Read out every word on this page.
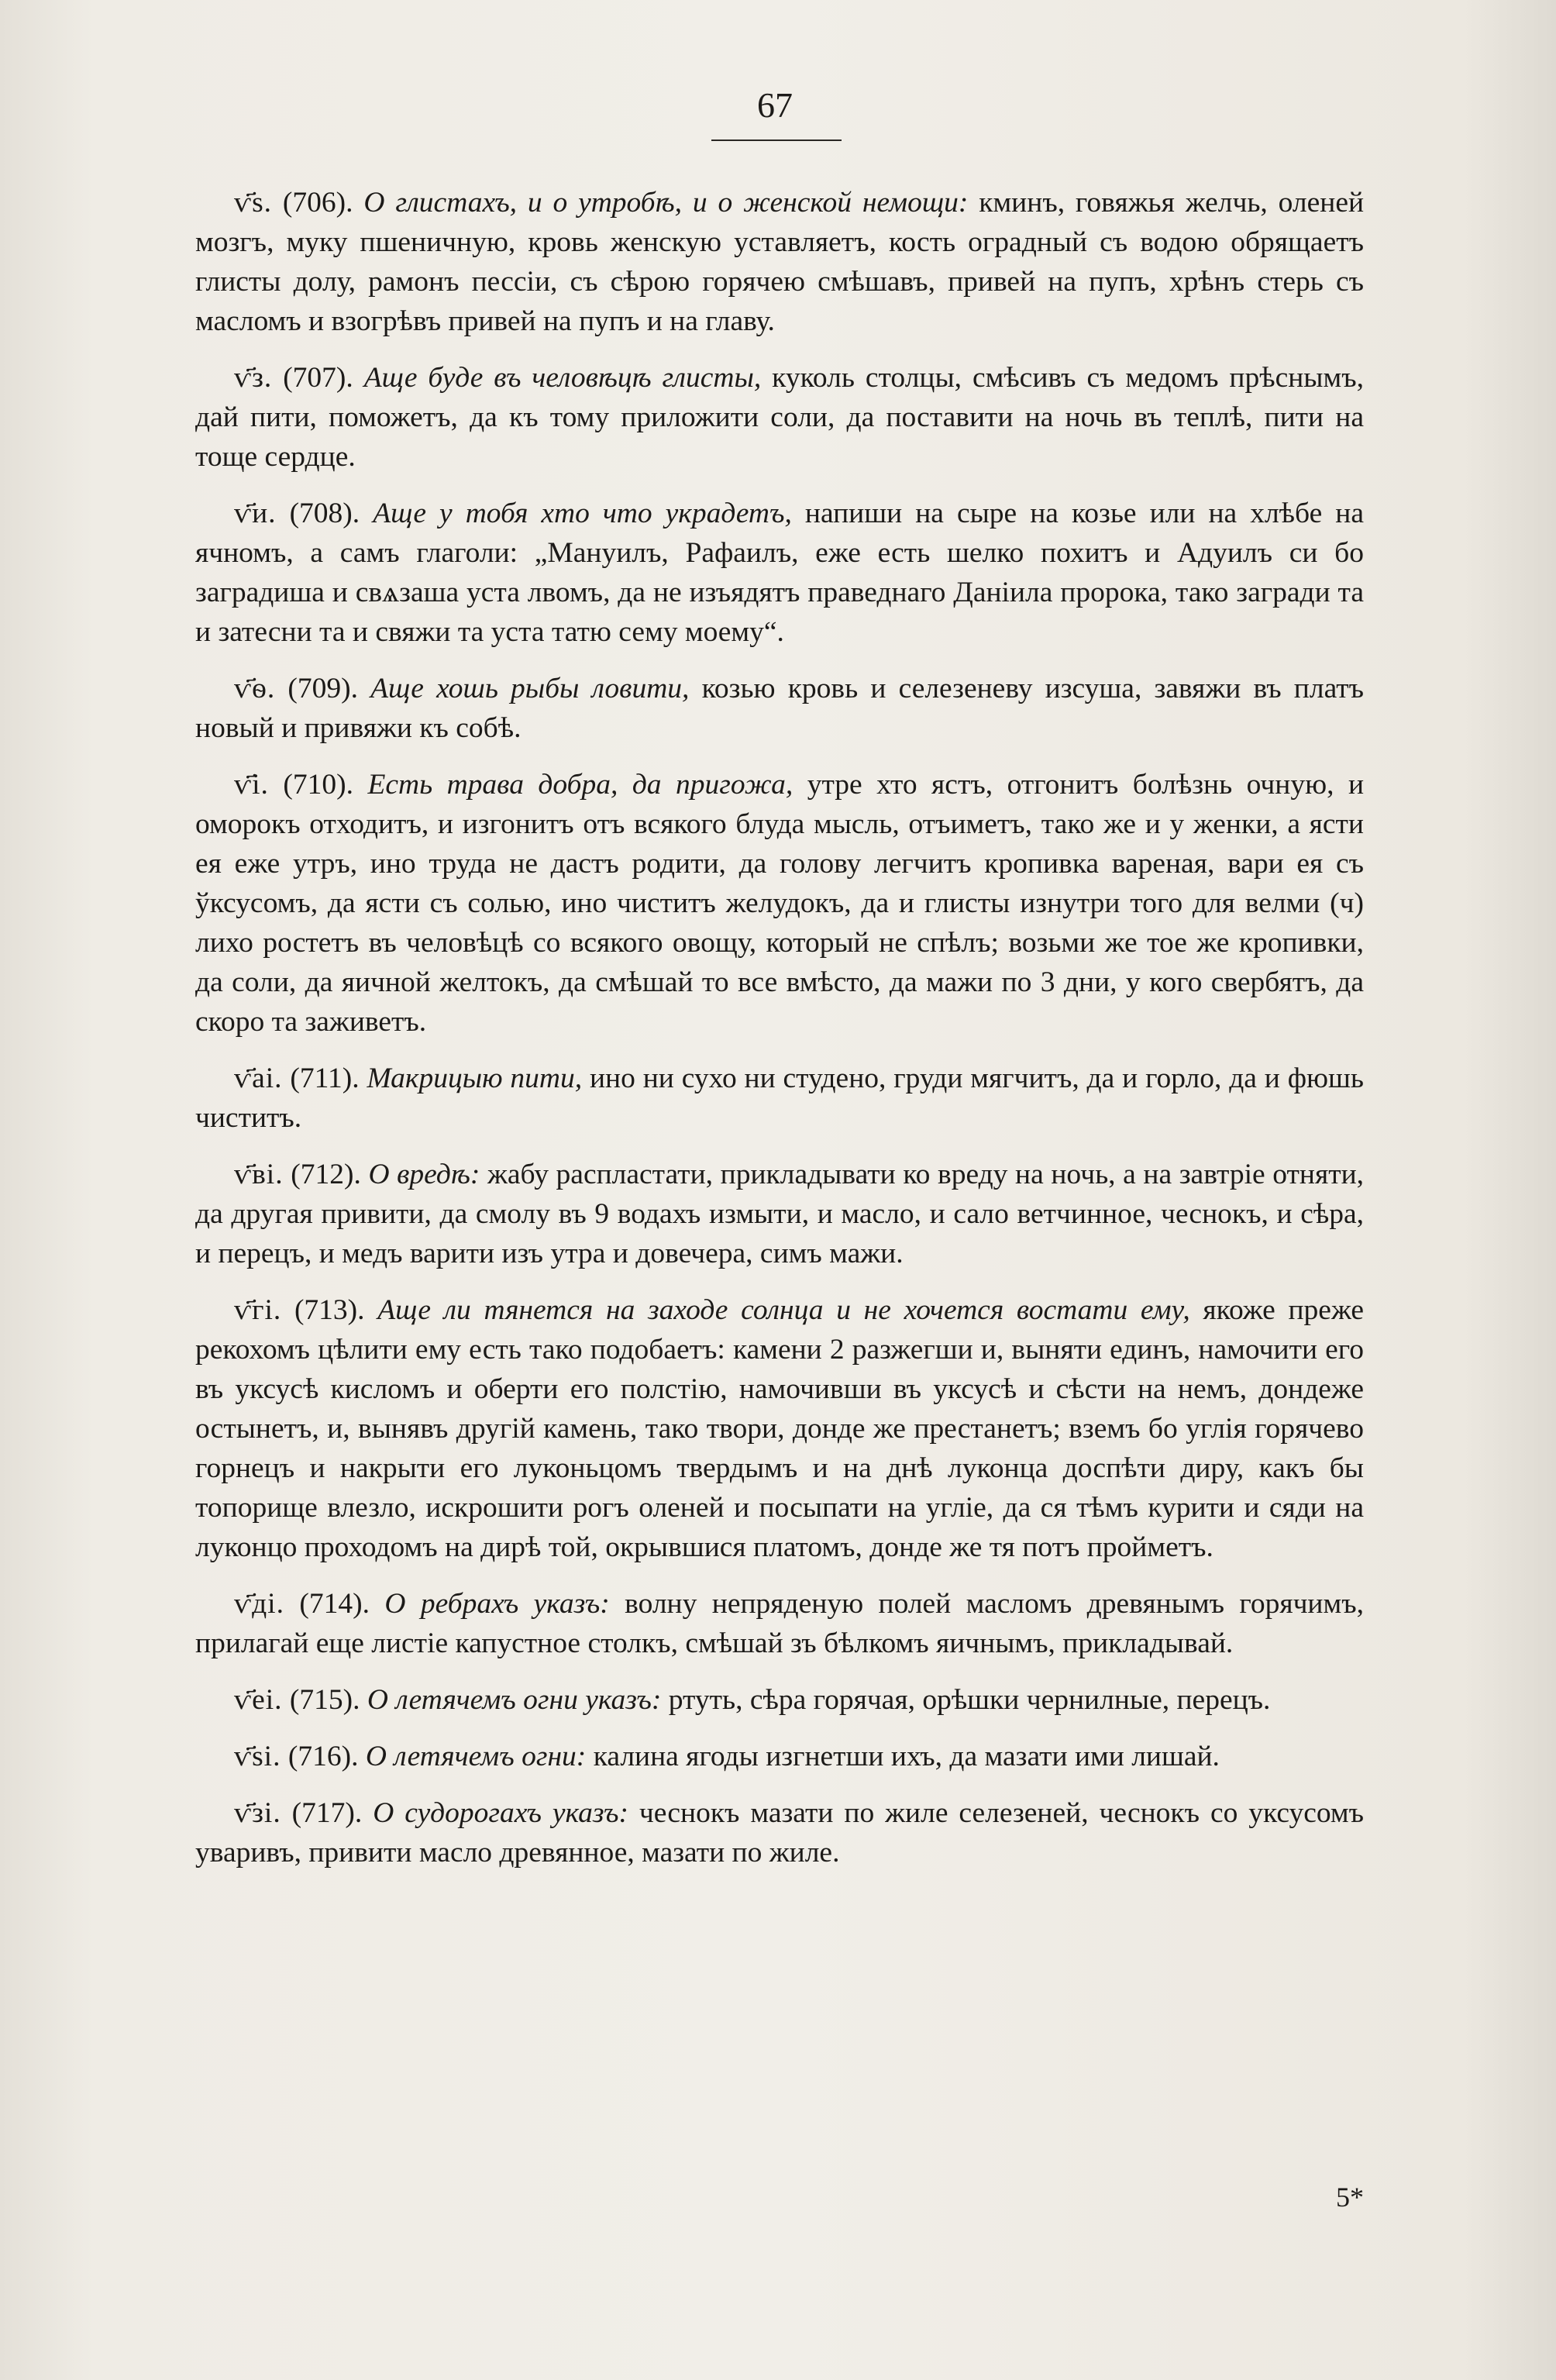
67

ѵ҃ѕ. (706). О глистахъ, и о утробѣ, и о женской немощи: кминъ, говяжья желчь, оленей мозгъ, муку пшеничную, кровь женскую уставляетъ, кость оградный съ водою обрящаетъ глисты долу, рамонъ пессіи, съ сѣрою горячею смѣшавъ, привей на пупъ, хрѣнъ стерь съ масломъ и взогрѣвъ привей на пупъ и на главу.

ѵ҃з. (707). Аще буде въ человѣцѣ глисты, куколь столцы, смѣсивъ съ медомъ прѣснымъ, дай пити, поможетъ, да къ тому приложити соли, да поставити на ночь въ теплѣ, пити на тоще сердце.

ѵ҃и. (708). Аще у тобя хто что украдетъ, напиши на сыре на козье или на хлѣбе на ячномъ, а самъ глаголи: „Мануилъ, Рафаилъ, еже есть шелко похитъ и Адуилъ си бо заградиша и свѧзаша уста лвомъ, да не изъядятъ праведнаго Даніила пророка, тако загради та и затесни та и свяжи та уста татю сему моему“.

ѵ҃ѳ. (709). Аще хошь рыбы ловити, козью кровь и селезеневу изсуша, завяжи въ платъ новый и привяжи къ собѣ.

ѵ҃і. (710). Есть трава добра, да пригожа, утре хто ястъ, отгонитъ болѣзнь очную, и оморокъ отходитъ, и изгонитъ отъ всякого блуда мысль, отъиметъ, тако же и у женки, а ясти ея еже утръ, ино труда не дастъ родити, да голову легчитъ кропивка вареная, вари ея съ ўксусомъ, да ясти съ солью, ино чиститъ желудокъ, да и глисты изнутри того для велми (ч) лихо ростетъ въ человѣцѣ со всякого овощу, который не спѣлъ; возьми же тое же кропивки, да соли, да яичной желтокъ, да смѣшай то все вмѣсто, да мажи по 3 дни, у кого свербятъ, да скоро та заживетъ.

ѵ҃аі. (711). Макрицыю пити, ино ни сухо ни студено, груди мягчитъ, да и горло, да и фюшь чиститъ.

ѵ҃ві. (712). О вредѣ: жабу распластати, прикладывати ко вреду на ночь, а на завтріе отняти, да другая привити, да смолу въ 9 водахъ измыти, и масло, и сало ветчинное, чеснокъ, и сѣра, и перецъ, и медъ варити изъ утра и довечера, симъ мажи.

ѵ҃гі. (713). Аще ли тянется на заходе солнца и не хочется востати ему, якоже преже рекохомъ цѣлити ему есть тако подобаетъ: камени 2 разжегши и, выняти единъ, намочити его въ уксусѣ кисломъ и оберти его полстію, намочивши въ уксусѣ и сѣсти на немъ, дондеже остынетъ, и, вынявъ другій камень, тако твори, донде же престанетъ; вземъ бо углія горячево горнецъ и накрыти его луконьцомъ твердымъ и на днѣ луконца доспѣти диру, какъ бы топорище влезло, искрошити рогъ оленей и посыпати на угліе, да ся тѣмъ курити и сяди на луконцо проходомъ на дирѣ той, окрывшися платомъ, донде же тя потъ пройметъ.

ѵ҃ді. (714). О ребрахъ указъ: волну непряденую полей масломъ древянымъ горячимъ, прилагай еще листіе капустное столкъ, смѣшай зъ бѣлкомъ яичнымъ, прикладывай.

ѵ҃еі. (715). О летячемъ огни указъ: ртуть, сѣра горячая, орѣшки чернилные, перецъ.

ѵ҃ѕі. (716). О летячемъ огни: калина ягоды изгнетши ихъ, да мазати ими лишай.

ѵ҃зі. (717). О судорогахъ указъ: чеснокъ мазати по жиле селезеней, чеснокъ со уксусомъ уваривъ, привити масло древянное, мазати по жиле.

5*
